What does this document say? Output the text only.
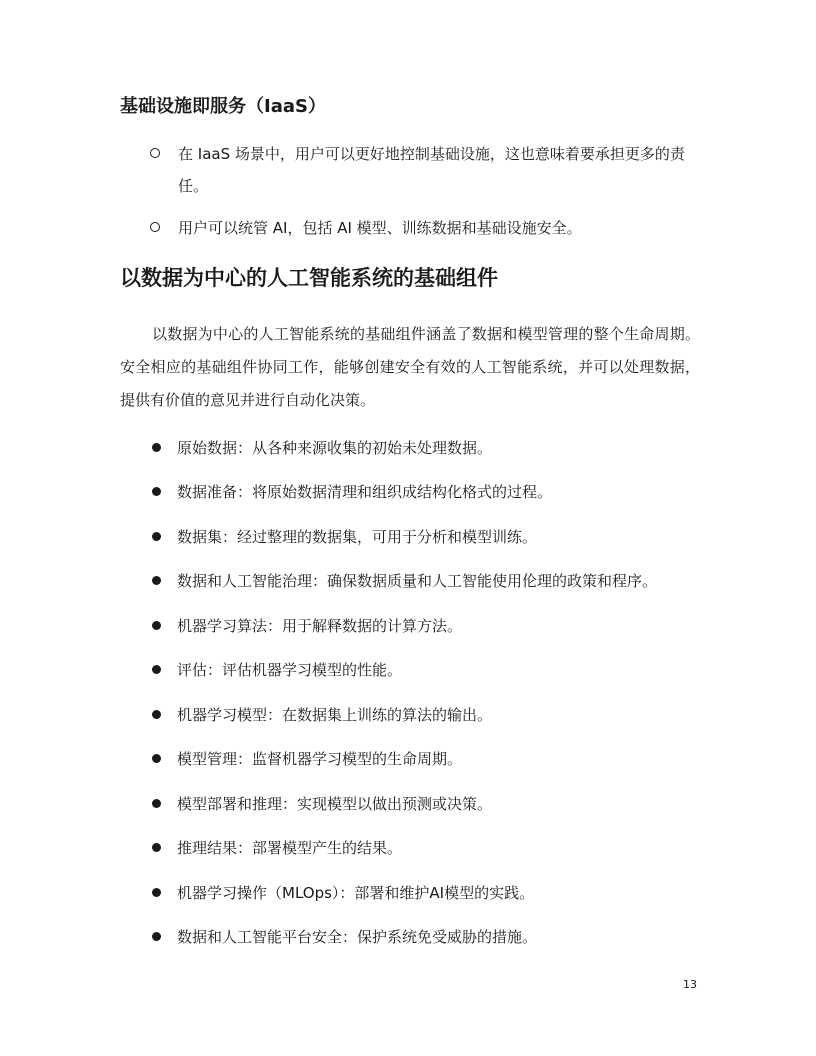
基础设施即服务（IaaS）
在 IaaS 场景中，用户可以更好地控制基础设施，这也意味着要承担更多的责任。
用户可以统管 AI，包括 AI 模型、训练数据和基础设施安全。
以数据为中心的人工智能系统的基础组件
以数据为中心的人工智能系统的基础组件涵盖了数据和模型管理的整个生命周期。安全相应的基础组件协同工作，能够创建安全有效的人工智能系统，并可以处理数据，提供有价值的意见并进行自动化决策。
原始数据：从各种来源收集的初始未处理数据。
数据准备：将原始数据清理和组织成结构化格式的过程。
数据集：经过整理的数据集，可用于分析和模型训练。
数据和人工智能治理：确保数据质量和人工智能使用伦理的政策和程序。
机器学习算法：用于解释数据的计算方法。
评估：评估机器学习模型的性能。
机器学习模型：在数据集上训练的算法的输出。
模型管理：监督机器学习模型的生命周期。
模型部署和推理：实现模型以做出预测或决策。
推理结果：部署模型产生的结果。
机器学习操作（MLOps）：部署和维护AI模型的实践。
数据和人工智能平台安全：保护系统免受威胁的措施。
13
